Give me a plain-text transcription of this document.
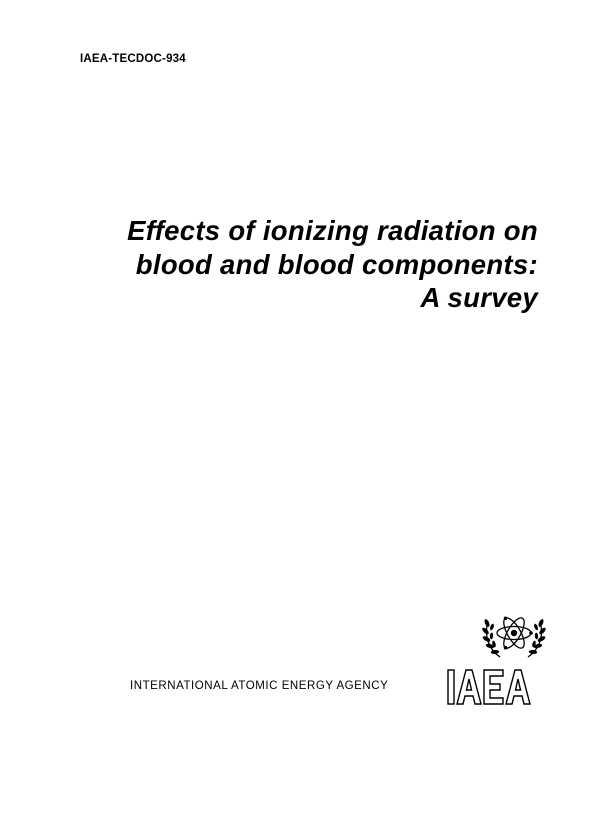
IAEA-TECDOC-934
Effects of ionizing radiation on
blood and blood components:
A survey
INTERNATIONAL ATOMIC ENERGY AGENCY
